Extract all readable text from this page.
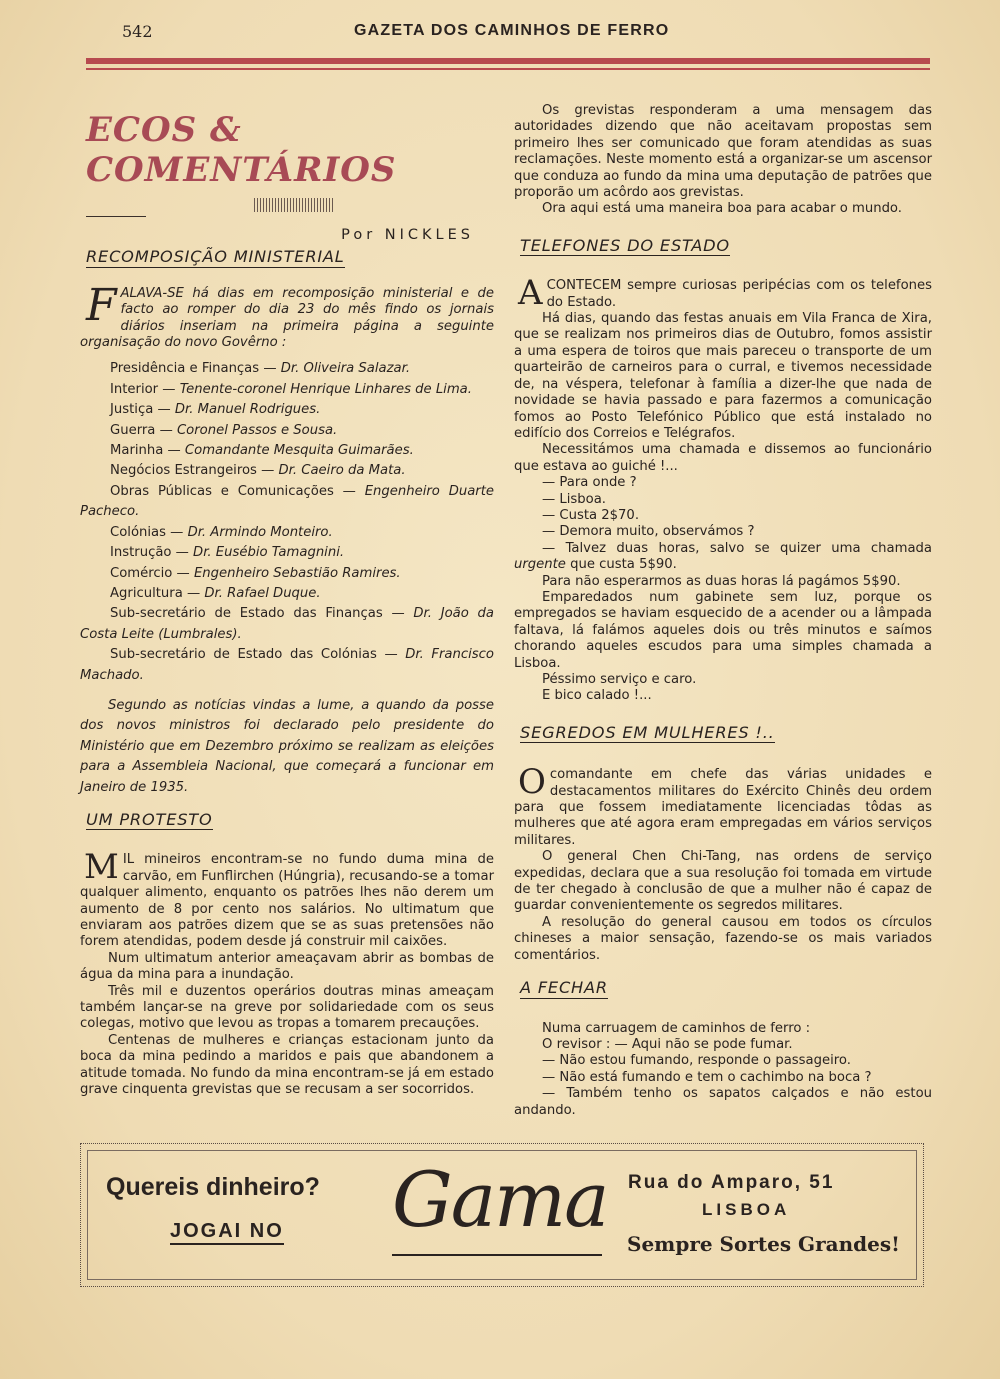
542	GAZETA DOS CAMINHOS DE FERRO
ECOS & COMENTÁRIOS
Por NICKLES
RECOMPOSIÇÃO MINISTERIAL

FALAVA-SE há dias em recomposição ministerial e de facto ao romper do dia 23 do mês findo os jornais diários inseriam na primeira página a seguinte organisação do novo Govêrno :

Presidência e Finanças — Dr. Oliveira Salazar.

Interior — Tenente-coronel Henrique Linhares de Lima.

Justiça — Dr. Manuel Rodrigues.

Guerra — Coronel Passos e Sousa.

Marinha — Comandante Mesquita Guimarães.

Negócios Estrangeiros — Dr. Caeiro da Mata.

Obras Públicas e Comunicações — Engenheiro Duarte Pacheco.

Colónias — Dr. Armindo Monteiro.

Instrução — Dr. Eusébio Tamagnini.

Comércio — Engenheiro Sebastião Ramires.

Agricultura — Dr. Rafael Duque.

Sub-secretário de Estado das Finanças — Dr. João da Costa Leite (Lumbrales).

Sub-secretário de Estado das Colónias — Dr. Francisco Machado.

Segundo as notícias vindas a lume, a quando da posse dos novos ministros foi declarado pelo presidente do Ministério que em Dezembro próximo se realizam as eleições para a Assembleia Nacional, que começará a funcionar em Janeiro de 1935.

UM PROTESTO

MIL mineiros encontram-se no fundo duma mina de carvão, em Funflirchen (Húngria), recusando-se a tomar qualquer alimento, enquanto os patrões lhes não derem um aumento de 8 por cento nos salários. No ultimatum que enviaram aos patrões dizem que se as suas pretensões não forem atendidas, podem desde já construir mil caixões.

Num ultimatum anterior ameaçavam abrir as bombas de água da mina para a inundação.

Três mil e duzentos operários doutras minas ameaçam também lançar-se na greve por solidariedade com os seus colegas, motivo que levou as tropas a tomarem precauções.

Centenas de mulheres e crianças estacionam junto da boca da mina pedindo a maridos e pais que abandonem a atitude tomada. No fundo da mina encontram-se já em estado grave cinquenta grevistas que se recusam a ser socorridos.

Os grevistas responderam a uma mensagem das autoridades dizendo que não aceitavam propostas sem primeiro lhes ser comunicado que foram atendidas as suas reclamações. Neste momento está a organizar-se um ascensor que conduza ao fundo da mina uma deputação de patrões que proporão um acôrdo aos grevistas.

Ora aqui está uma maneira boa para acabar o mundo.

TELEFONES DO ESTADO

ACONTECEM sempre curiosas peripécias com os telefones do Estado.

Há dias, quando das festas anuais em Vila Franca de Xira, que se realizam nos primeiros dias de Outubro, fomos assistir a uma espera de toiros que mais pareceu o transporte de um quarteirão de carneiros para o curral, e tivemos necessidade de, na véspera, telefonar à família a dizer-lhe que nada de novidade se havia passado e para fazermos a comunicação fomos ao Posto Telefónico Público que está instalado no edifício dos Correios e Telégrafos.

Necessitámos uma chamada e dissemos ao funcionário que estava ao guiché !...

— Para onde ?

— Lisboa.

— Custa 2$70.

— Demora muito, observámos ?

— Talvez duas horas, salvo se quizer uma chamada urgente que custa 5$90.

Para não esperarmos as duas horas lá pagámos 5$90.

Emparedados num gabinete sem luz, porque os empregados se haviam esquecido de a acender ou a lâmpada faltava, lá falámos aqueles dois ou três minutos e saímos chorando aqueles escudos para uma simples chamada a Lisboa.

Péssimo serviço e caro.

E bico calado !...

SEGREDOS EM MULHERES !..

Ocomandante em chefe das várias unidades e destacamentos militares do Exército Chinês deu ordem para que fossem imediatamente licenciadas tôdas as mulheres que até agora eram empregadas em vários serviços militares.

O general Chen Chi-Tang, nas ordens de serviço expedidas, declara que a sua resolução foi tomada em virtude de ter chegado à conclusão de que a mulher não é capaz de guardar convenientemente os segredos militares.

A resolução do general causou em todos os círculos chineses a maior sensação, fazendo-se os mais variados comentários.

A FECHAR

Numa carruagem de caminhos de ferro :

O revisor : — Aqui não se pode fumar.

— Não estou fumando, responde o passageiro.

— Não está fumando e tem o cachimbo na boca ?

— Também tenho os sapatos calçados e não estou andando.

Quereis dinheiro?
JOGAI NO Gama Rua do Amparo, 51
LISBOA
Sempre Sortes Grandes!
